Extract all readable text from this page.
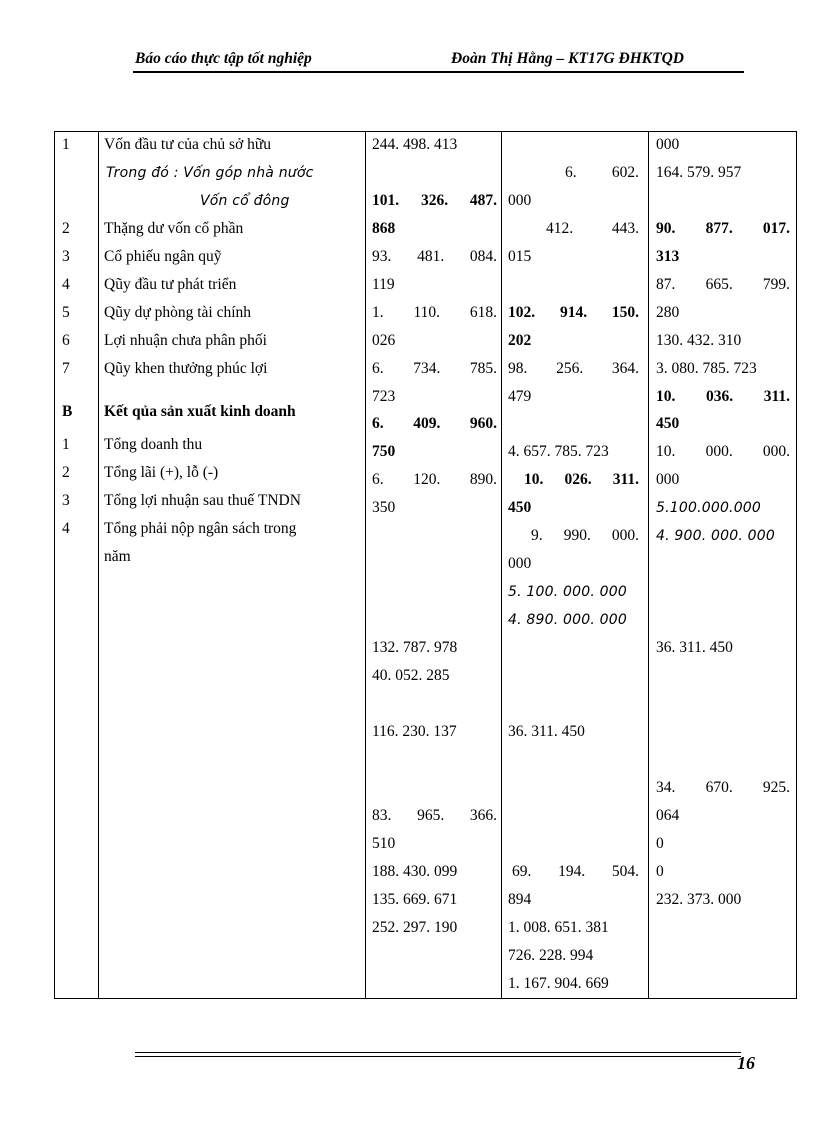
Báo cáo thực tập tốt nghiệp	Đoàn Thị Hằng – KT17G ĐHKTQD
1
2
3
4
5
6
7
B
1
2
3
4
Vốn đầu tư của chủ sở hữu
Trong đó : Vốn góp nhà nước
Vốn cổ đông
Thặng dư vốn cổ phần
Cổ phiếu ngân quỹ
Qũy đầu tư phát triển
Qũy dự phòng tài chính
Lợi nhuận chưa phân phối
Qũy khen thưởng phúc lợi
Kết qủa sản xuất kinh doanh
Tổng doanh thu
Tổng lãi (+), lỗ (-)
Tổng lợi nhuận sau thuế TNDN
Tổng phải nộp ngân sách trong
năm
244. 498. 413
101. 326. 487.
868
93. 481. 084.
119
1. 110. 618.
026
6. 734. 785.
723
6. 409. 960.
750
6. 120. 890.
350
132. 787. 978
40. 052. 285
116. 230. 137
83. 965. 366.
510
188. 430. 099
135. 669. 671
252. 297. 190
6. 602.
000
412.	443.
015
102. 914. 150.
202
98. 256. 364.
479
4. 657. 785. 723
10. 026. 311.
450
9. 990. 000.
000
5. 100. 000. 000
4. 890. 000. 000
36. 311. 450
69. 194. 504.
894
1. 008. 651. 381
726. 228. 994
1. 167. 904. 669
000
164. 579. 957
90. 877. 017.
313
87. 665. 799.
280
130. 432. 310
3. 080. 785. 723
10. 036. 311.
450
10. 000. 000.
000
5.100.000.000
4. 900. 000. 000
36. 311. 450
34. 670. 925.
064
0
0
232. 373. 000
16
